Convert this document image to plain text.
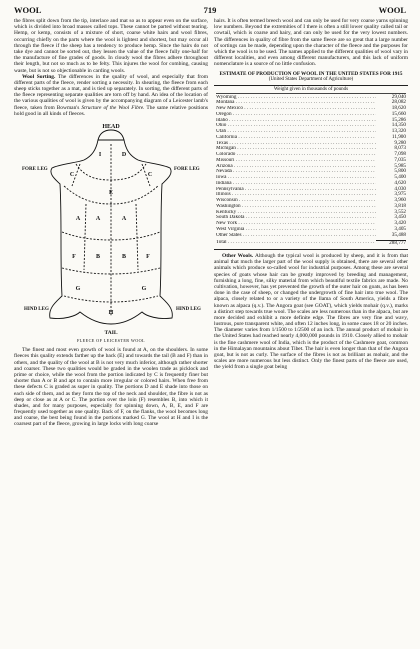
WOOL	719	WOOL

the fibres split down from the tip, interlace and mat so as to appear even on the surface, which is divided into broad masses called tops. These cannot be parted without tearing. Hemp, or kemp, consists of a mixture of short, coarse white hairs and wool fibres, occurring chiefly on the parts where the wool is lightest and shortest, but may occur all through the fleece if the sheep has a tendency to produce hemp. Since the hairs do not take dye and cannot be sorted out, they lessen the value of the fleece fully one-half for the manufacture of fine grades of goods. In cloudy wool the fibres adhere throughout their length, but not so much as to be felty. This injures the wool for combing, causing waste, but is not so objectionable in carding wools.

Wool Sorting. The differences in the quality of wool, and especially that from different parts of the fleece, render sorting a necessity. In shearing, the fleece from each sheep sticks together as a mat, and is tied up separately. In sorting, the different parts of the fleece representing separate qualities are torn off by hand. An idea of the location of the various qualities of wool is given by the accompanying diagram of a Leicester lamb's fleece, taken from Bowman's Structure of the Wool Fibre. The same relative positions hold good in all kinds of fleeces.

HEAD
FORE LEG	FORE LEG
HIND LEG	HIND LEG
TAIL
I	D
C	C
E
A	A	A
B	B
F	F
G	G
H
FLEECE OF LEICESTER WOOL

The finest and most even growth of wool is found at A, on the shoulders. In some fleeces this quality extends farther up the back (E) and towards the tail (B and F) than in others, and the quality of the wool at B is not very much inferior, although rather shorter and coarser. These two qualities would be graded in the woolen trade as picklock and prime or choice, while the wool from the portion indicated by C is frequently finer but shorter than A or B and apt to contain more irregular or colored hairs. When free from these defects C is graded as super in quality. The portions D and E shade into those on each side of them, and as they form the top of the neck and shoulder, the fibre is not as deep or close as at A or C. The portion over the loin (F) resembles B, into which it shades, and for many purposes, especially for spinning down, A, B, E, and F are frequently used together as one quality. Back of F, on the flanks, the wool becomes long and coarse, the best being found in the portions marked G. The wool at H and I is the coarsest part of the fleece, growing in large locks with long coarse

hairs. It is often termed breech wool and can only be used for very coarse yarns spinning low numbers. Beyond the extremities of I there is often a still lower quality called tail or cowtail, which is coarse and hairy, and can only be used for the very lowest numbers. The differences in quality of fibre from the same fleece are so great that a large number of sortings can be made, depending upon the character of the fleece and the purposes for which the wool is to be used. The names applied to the different qualities of wool vary in different localities, and even among different manufacturers, and this lack of uniform nomenclature is a source of no little confusion.

ESTIMATE OF PRODUCTION OF WOOL IN THE UNITED STATES FOR 1915
(United States Department of Agriculture)
Weight given in thousands of pounds
Wyoming . . .	29,040
Montana . . .	28,082
New Mexico . . .	18,620
Oregon . . .	15,660
Idaho . . .	15,286
Ohio . . .	14,350
Utah . . .	13,320
California . . .	11,900
Texas . . .	9,280
Michigan . . .	8,073
Colorado . . .	7,098
Missouri . . .	7,035
Arizona . . .	5,985
Nevada . . .	5,800
Iowa . . .	5,400
Indiana . . .	4,620
Pennsylvania . . .	4,030
Illinois . . .	3,975
Wisconsin . . .	3,960
Washington . . .	3,818
Kentucky . . .	3,552
South Dakota . . .	3,450
New York . . .	3,420
West Virginia . . .	3,405
Other States . . .	35,488
Total . . .	288,777

Other Wools. Although the typical wool is produced by sheep, and it is from that animal that much the larger part of the wool supply is obtained, there are several other animals which produce so-called wool for industrial purposes. Among these are several species of goats whose hair can be greatly improved by breeding and management, furnishing a long, fine, silky material from which beautiful textile fabrics are made. No cultivation, however, has yet prevented the growth of the outer hair on goats, as has been done in the case of sheep, or changed the undergrowth of fine hair into true wool. The alpaca, closely related to or a variety of the llama of South America, yields a fibre known as alpaca (q.v.). The Angora goat (see GOAT), which yields mohair (q.v.), marks a distinct step towards true wool. The scales are less numerous than in the alpaca, but are more decided and exhibit a more definite edge. The fibres are very fine and wavy, lustrous, pure transparent white, and often 12 inches long, in some cases 18 or 20 inches. The diameter varies from 1/1500 to 1/2500 of an inch. The annual product of mohair in the United States had reached nearly 4,000,000 pounds in 1910. Closely allied to mohair is the fine cashmere wool of India, which is the product of the Cashmere goat, common in the Himalayan mountains about Tibet. The hair is even longer than that of the Angora goat, but is not as curly. The surface of the fibres is not as brilliant as mohair, and the scales are more numerous but less distinct. Only the finest parts of the fleece are used, the yield from a single goat being
